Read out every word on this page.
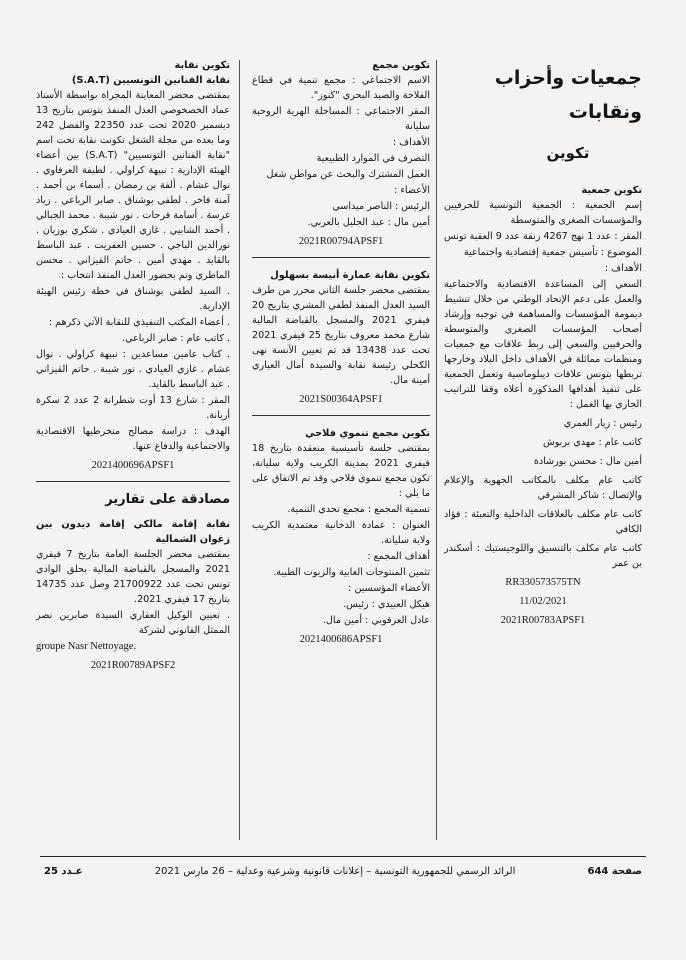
جمعيات وأحزاب
ونقابات
تكوين

تكوين جمعية

إسم الجمعية : الجمعية التونسية للحرفيين والمؤسسات الصغرى والمتوسطة

المقر : عدد 1 نهج 4267 زنقة عدد 9 العقبة تونس

الموضوع : تأسيس جمعية إقتصادية واجتماعية

الأهداف :

السعي إلى المساعدة الاقتصادية والاجتماعية والعمل على دعم الإتحاد الوطني من خلال تنشيط ديمومة المؤسسات والمساهمة في توجيه وإرشاد أصحاب المؤسسات الصغرى والمتوسطة والحرفيين والسعي إلى ربط علاقات مع جمعيات ومنظمات مماثلة في الأهداف داخل البلاد وخارجها تربطها بتونس علاقات ديبلوماسية وتعمل الجمعية على تنفيذ أهدافها المذكورة أعلاه وفقا للتراتيب الجاري بها العمل :

رئيس : زيار العمري

كاتب عام : مهدي بربوش

أمين مال : محسن بورشادة

كاتب عام مكلف بالمكاتب الجهوية والإعلام والإتصال : شاكر المشرقي

كاتب عام مكلف بالعلاقات الداخلية والتعبئة : فؤاد الكافي

كاتب عام مكلف بالتنسيق واللوجيستيك : أسكندر بن عمر

RR330573575TN
11/02/2021
2021R00783APSF1

تكوين مجمع

الاسم الاجتماعي : مجمع تنمية في قطاع الفلاحة والصيد البحري "كنوز".

المقر الاجتماعي : المساحلة الهرية الروحية سليانة

الأهداف :

التصرف في الموارد الطبيعية

العمل المشترك والبحث عن مواطن شغل

الأعضاء :

الرئيس : الناصر ميداسي

أمين مال : عبد الجليل بالعربي.

2021R00794APSF1

تكوين نقابة عمارة أنيسة بسهلول

بمقتضى محضر جلسة الثاني محرر من طرف السيد العدل المنفذ لطفي المشري بتاريخ 20 فيفري 2021 والمسجل بالقباضة المالية شارع محمد معروف بتاريخ 25 فيفري 2021 تحت عدد 13438 قد تم تعيين الآنسة نهى الكحلي رئيسة نقابة والسيدة أمال العياري أمينة مال.

2021S00364APSF1

تكوين مجمع تنموي فلاحي

بمقتضى جلسة تأسيسية منعقدة بتاريخ 18 فيفري 2021 بمدينة الكريب ولاية سليانة، تكون مجمع تنموي فلاحي وقد تم الاتفاق على ما يلي :

تسمية المجمع : مجمع تحدي التنمية.

العنوان : عمادة الدخانية معتمدية الكريب ولاية سليانة.

أهداف المجمع :

تثمين المنتوجات الغابية والزيوت الطبية.

الأعضاء المؤسسين :

هيكل العبيدي : رئيس.

عادل العرقوبي : أمين مال.

2021400686APSF1

تكوين نقابة

نقابة الفنانين التونسيين (S.A.T)

بمقتضى محضر المعاينة المجراة بواسطة الأستاذ عماد الخصخوصي العدل المنفذ بتونس بتاريخ 13 ديسمبر 2020 تحت عدد 22350 والفصل 242 وما بعده من مجلة الشغل تكونت نقابة تحت اسم "نقابة الفنانين التونسيين" (S.A.T) بين أعضاء الهيئة الإدارية : نبيهة كراولي . لطيفة العرفاوي . نوال غشام . ألفة بن رمضان . أسماء بن أحمد . آمنة فاخر . لطفي بوشناق . صابر الرباعي . زياد غرسة . أسامة فرحات . نور شيبة . محمد الجبالي . أحمد الشابيي . غازي العيادي . شكري بوزيان . نورالدين الباجي . حسين العفريت . عبد الباسط بالقايد . مهدي أمين . حاتم القيزاني . محسن الماطري وتم بحضور العدل المنفذ انتخاب :

. السيد لطفي بوشناق في خطة رئيس الهيئة الإدارية.

. أعضاء المكتب التنفيذي للنقابة الآتي ذكرهم :

. كاتب عام : صابر الرباعي.

. كتاب عامين مساعدين : نبيهة كراولي . نوال غشام . غازي العيادي . نور شيبة . حاتم القيزاني . عبد الباسط بالقايد.

المقر : شارع 13 أوت شطرانة 2 عدد 2 سكرة أريانة.

الهدف : دراسة مصالح منخرطيها الاقتصادية والاجتماعية والدفاع عنها.

2021400696APSF1
مصادقة على تقارير

نقابة إقامة مالكي إقامة ديدون بين زغوان الشمالية

بمقتضى محضر الجلسة العامة بتاريخ 7 فيفري 2021 والمسجل بالقباضة المالية بحلق الوادي تونس تحت عدد 21700922 وصل عدد 14735 بتاريخ 17 فيفري 2021.

. تعيين الوكيل العقاري السيدة صابرين نصر الممثل القانوني لشركة

groupe Nasr Nettoyage.

2021R00789APSF2
صفحة 644
الرائد الرسمي للجمهورية التونسية – إعلانات قانونية وشرعية وعدلية – 26 مارس 2021
عـدد 25
